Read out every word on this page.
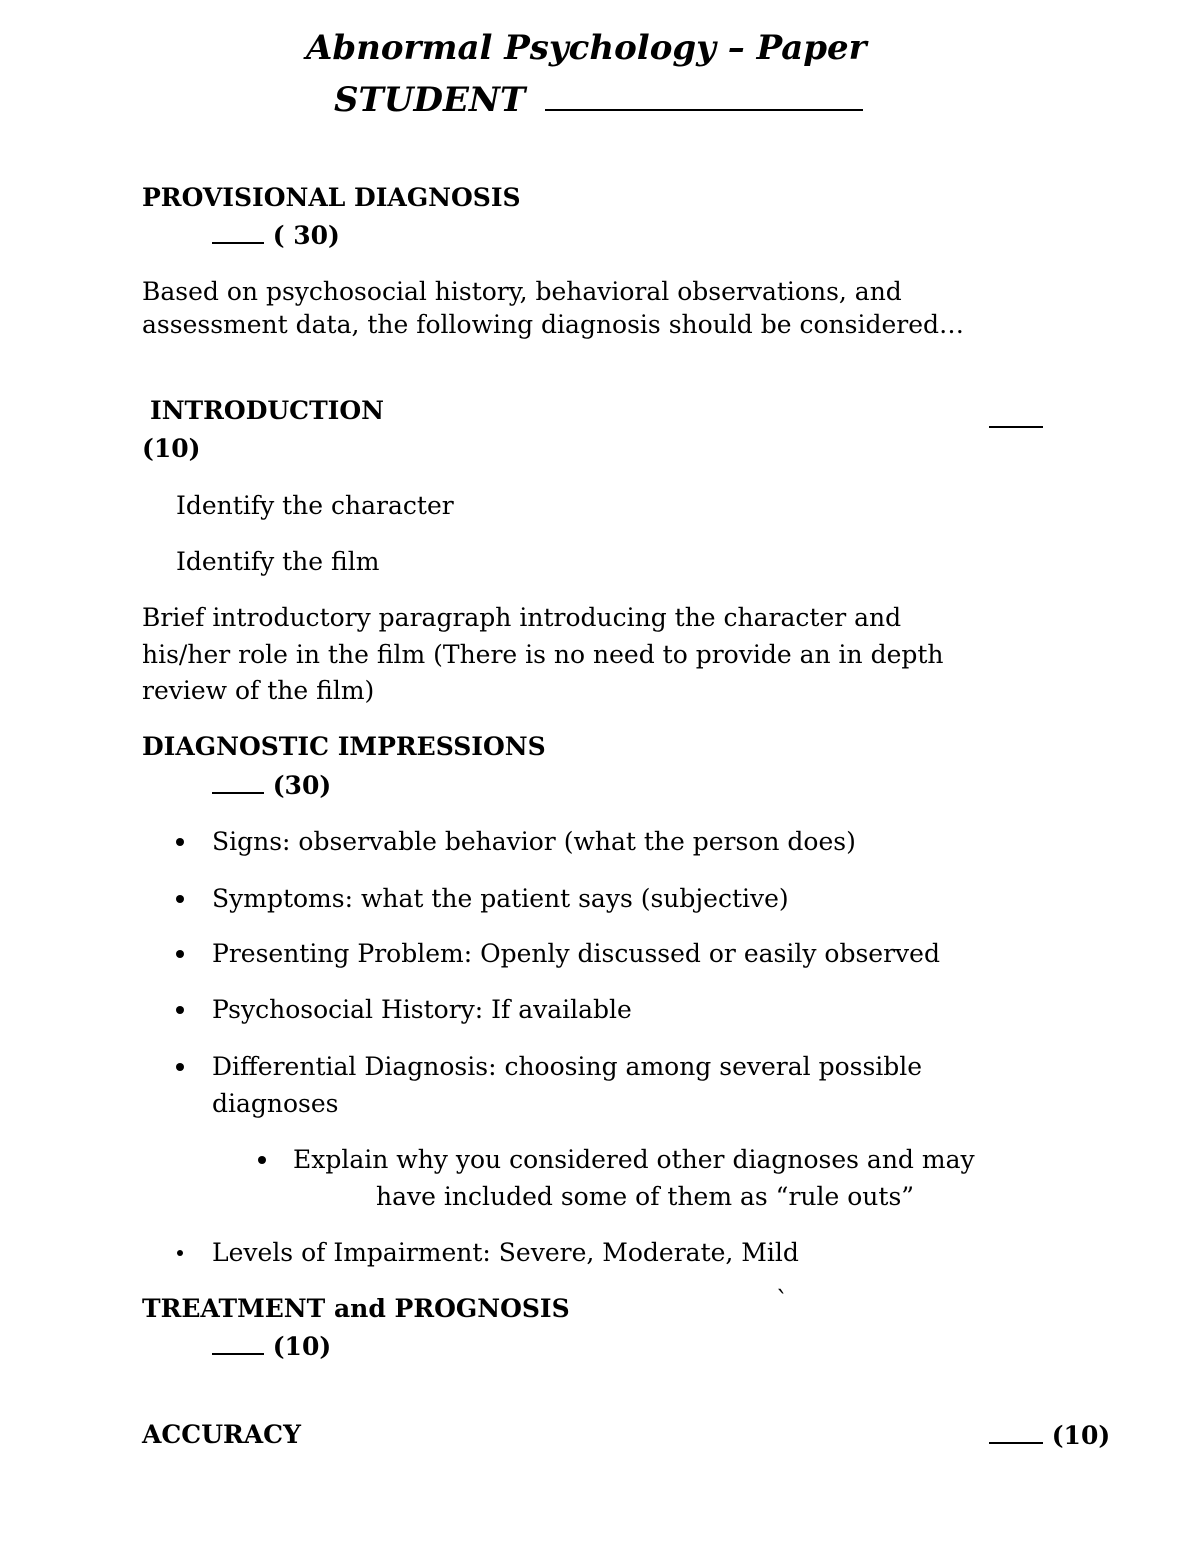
Abnormal Psychology – Paper
STUDENT
PROVISIONAL DIAGNOSIS
( 30)
Based on psychosocial history, behavioral observations, and
assessment data, the following diagnosis should be considered…
INTRODUCTION
(10)
Identify the character
Identify the film
Brief introductory paragraph introducing the character and
his/her role in the film (There is no need to provide an in depth
review of the film)
DIAGNOSTIC IMPRESSIONS
(30)
Signs: observable behavior (what the person does)
Symptoms: what the patient says (subjective)
Presenting Problem: Openly discussed or easily observed
Psychosocial History: If available
Differential Diagnosis: choosing among several possible
diagnoses
Explain why you considered other diagnoses and may
have included some of them as “rule outs”
Levels of Impairment: Severe, Moderate, Mild
TREATMENT and PROGNOSIS	`
(10)
ACCURACY	(10)
